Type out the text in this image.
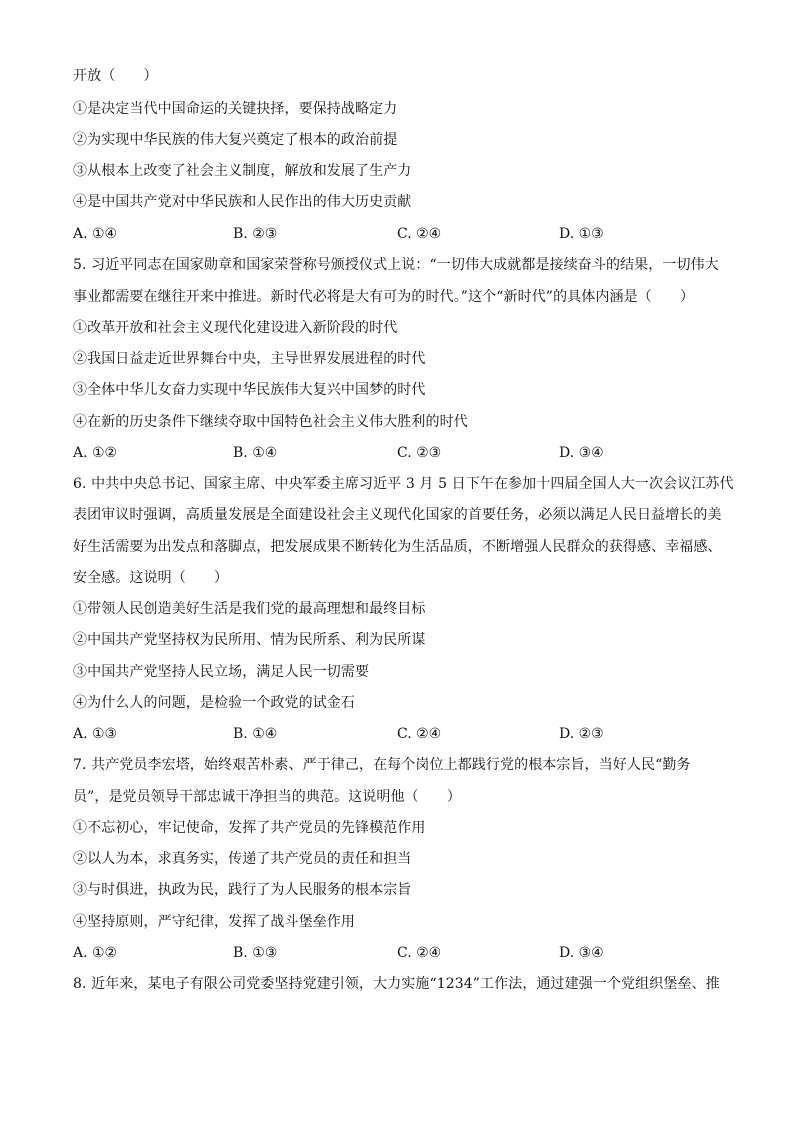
开放（　　）
①是决定当代中国命运的关键抉择，要保持战略定力
②为实现中华民族的伟大复兴奠定了根本的政治前提
③从根本上改变了社会主义制度，解放和发展了生产力
④是中国共产党对中华民族和人民作出的伟大历史贡献
A. ①④	B. ②③	C. ②④	D. ①③
5. 习近平同志在国家勋章和国家荣誉称号颁授仪式上说：“一切伟大成就都是接续奋斗的结果，一切伟大
事业都需要在继往开来中推进。新时代必将是大有可为的时代。”这个“新时代”的具体内涵是（　　）
①改革开放和社会主义现代化建设进入新阶段的时代
②我国日益走近世界舞台中央，主导世界发展进程的时代
③全体中华儿女奋力实现中华民族伟大复兴中国梦的时代
④在新的历史条件下继续夺取中国特色社会主义伟大胜利的时代
A. ①②	B. ①④	C. ②③	D. ③④
6. 中共中央总书记、国家主席、中央军委主席习近平 3 月 5 日下午在参加十四届全国人大一次会议江苏代
表团审议时强调，高质量发展是全面建设社会主义现代化国家的首要任务，必须以满足人民日益增长的美
好生活需要为出发点和落脚点，把发展成果不断转化为生活品质，不断增强人民群众的获得感、幸福感、
安全感。这说明（　　）
①带领人民创造美好生活是我们党的最高理想和最终目标
②中国共产党坚持权为民所用、情为民所系、利为民所谋
③中国共产党坚持人民立场，满足人民一切需要
④为什么人的问题，是检验一个政党的试金石
A. ①③	B. ①④	C. ②④	D. ②③
7. 共产党员李宏塔，始终艰苦朴素、严于律己，在每个岗位上都践行党的根本宗旨，当好人民“勤务
员”，是党员领导干部忠诚干净担当的典范。这说明他（　　）
①不忘初心，牢记使命，发挥了共产党员的先锋模范作用
②以人为本，求真务实，传递了共产党员的责任和担当
③与时俱进，执政为民，践行了为人民服务的根本宗旨
④坚持原则，严守纪律，发挥了战斗堡垒作用
A. ①②	B. ①③	C. ②④	D. ③④
8. 近年来，某电子有限公司党委坚持党建引领，大力实施“1234”工作法，通过建强一个党组织堡垒、推
